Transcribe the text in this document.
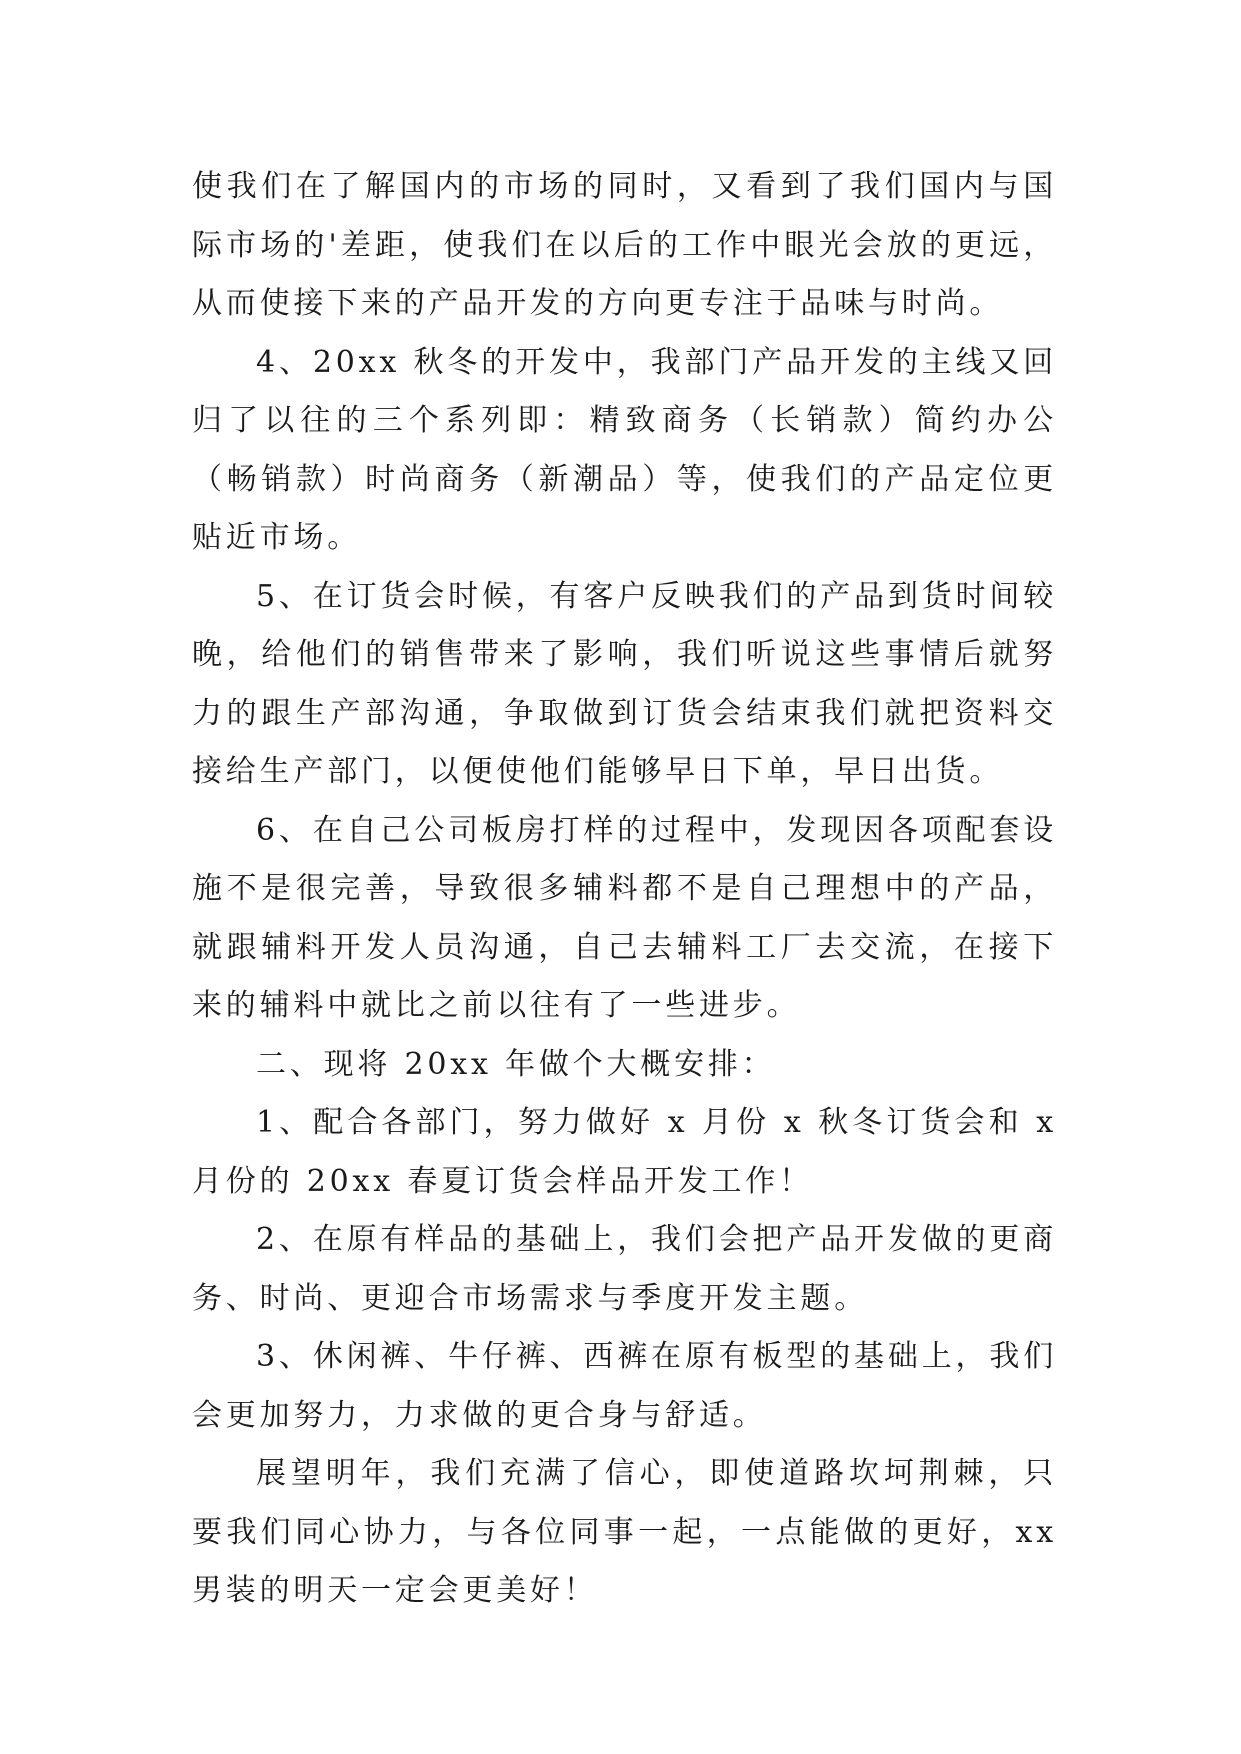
使我们在了解国内的市场的同时，又看到了我们国内与国际市场的'差距，使我们在以后的工作中眼光会放的更远，从而使接下来的产品开发的方向更专注于品味与时尚。

4、20xx 秋冬的开发中，我部门产品开发的主线又回归了以往的三个系列即：精致商务（长销款）简约办公（畅销款）时尚商务（新潮品）等，使我们的产品定位更贴近市场。

5、在订货会时候，有客户反映我们的产品到货时间较晚，给他们的销售带来了影响，我们听说这些事情后就努力的跟生产部沟通，争取做到订货会结束我们就把资料交接给生产部门，以便使他们能够早日下单，早日出货。

6、在自己公司板房打样的过程中，发现因各项配套设施不是很完善，导致很多辅料都不是自己理想中的产品，就跟辅料开发人员沟通，自己去辅料工厂去交流，在接下来的辅料中就比之前以往有了一些进步。

二、现将 20xx 年做个大概安排：

1、配合各部门，努力做好 x 月份 x 秋冬订货会和 x 月份的 20xx 春夏订货会样品开发工作！

2、在原有样品的基础上，我们会把产品开发做的更商务、时尚、更迎合市场需求与季度开发主题。

3、休闲裤、牛仔裤、西裤在原有板型的基础上，我们会更加努力，力求做的更合身与舒适。

展望明年，我们充满了信心，即使道路坎坷荆棘，只要我们同心协力，与各位同事一起，一点能做的更好，xx 男装的明天一定会更美好！
